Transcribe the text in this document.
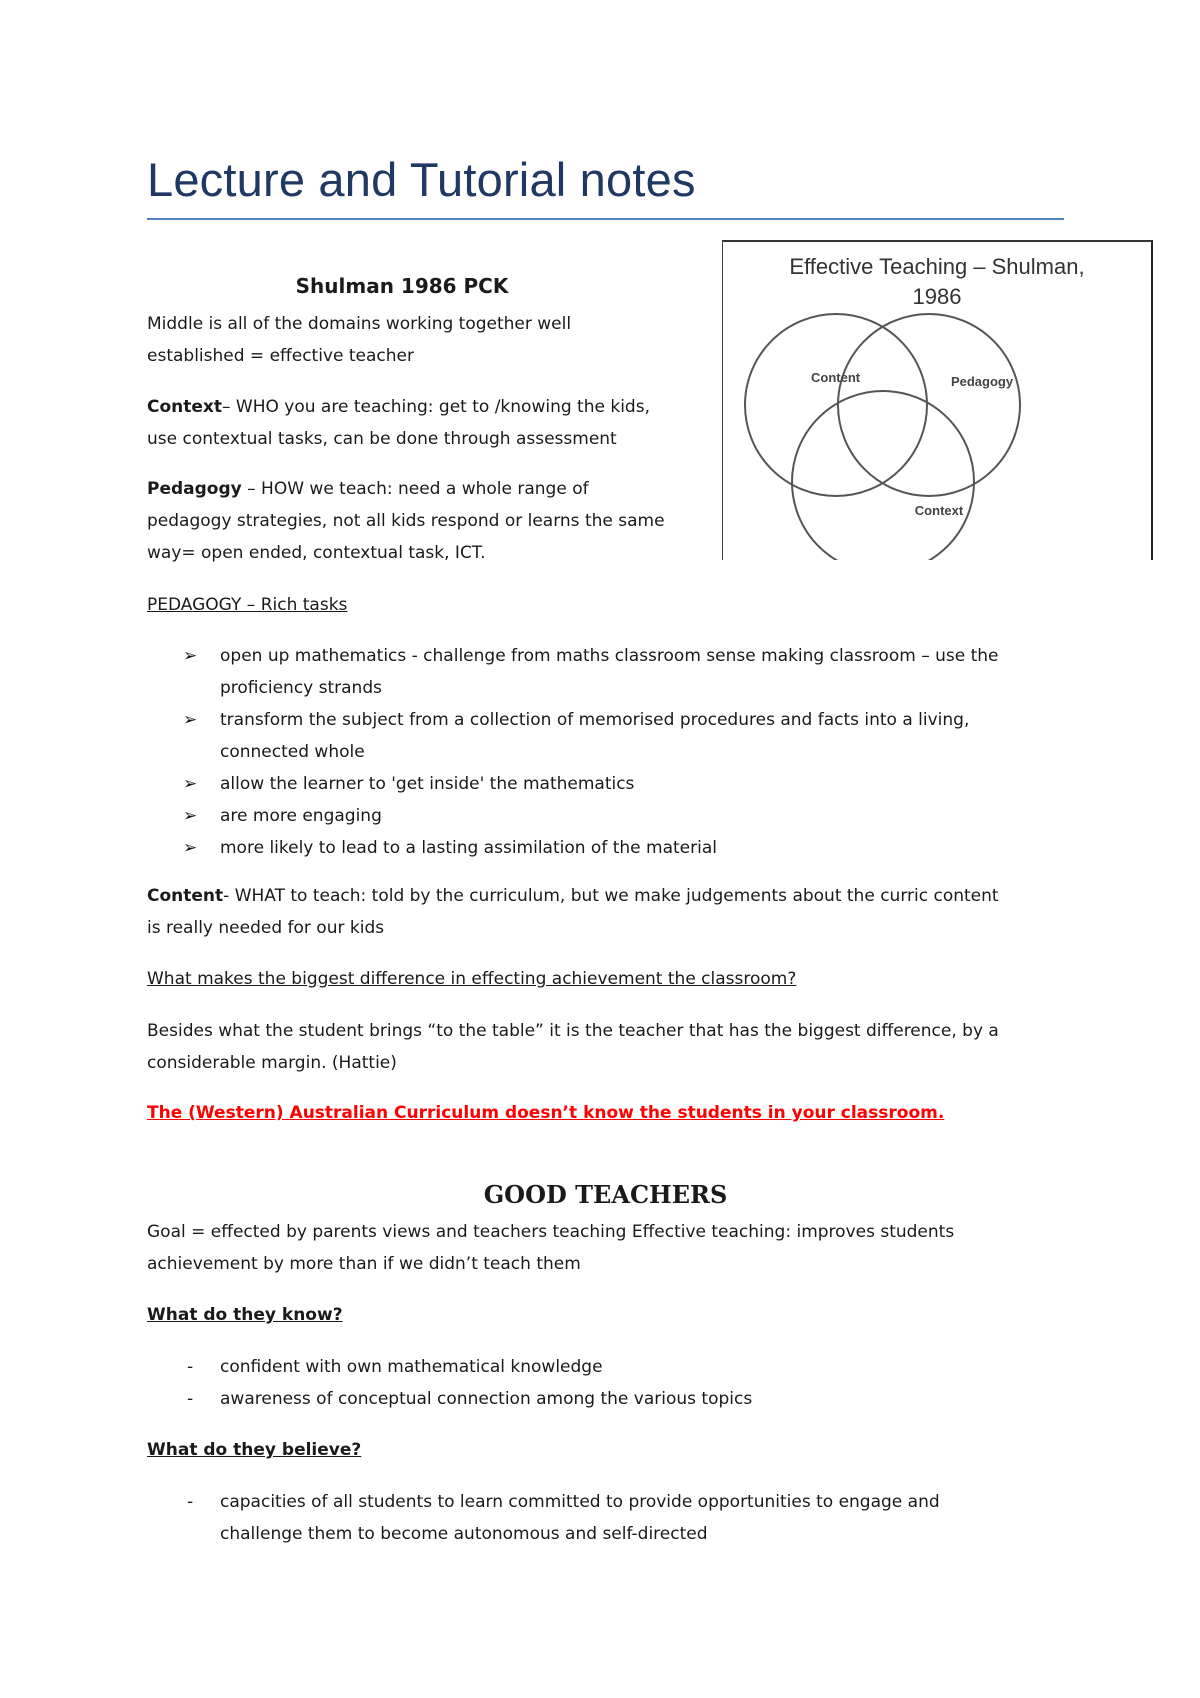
Lecture and Tutorial notes
Effective Teaching – Shulman,
1986
Content	Pedagogy
Context

Shulman 1986 PCK

Middle is all of the domains working together well
established = effective teacher
Context– WHO you are teaching: get to /knowing the kids,
use contextual tasks, can be done through assessment
Pedagogy – HOW we teach: need a whole range of
pedagogy strategies, not all kids respond or learns the same
way= open ended, contextual task, ICT.

PEDAGOGY – Rich tasks

➢ open up mathematics - challenge from maths classroom sense making classroom – use the
proficiency strands
➢ transform the subject from a collection of memorised procedures and facts into a living,
connected whole
➢ allow the learner to 'get inside' the mathematics
➢ are more engaging
➢ more likely to lead to a lasting assimilation of the material
Content- WHAT to teach: told by the curriculum, but we make judgements about the curric content
is really needed for our kids

What makes the biggest difference in effecting achievement the classroom?

Besides what the student brings “to the table” it is the teacher that has the biggest difference, by a
considerable margin. (Hattie)

The (Western) Australian Curriculum doesn’t know the students in your classroom.

GOOD TEACHERS
Goal = effected by parents views and teachers teaching Effective teaching: improves students
achievement by more than if we didn’t teach them

What do they know?

- confident with own mathematical knowledge
- awareness of conceptual connection among the various topics

What do they believe?

- capacities of all students to learn committed to provide opportunities to engage and
challenge them to become autonomous and self-directed
